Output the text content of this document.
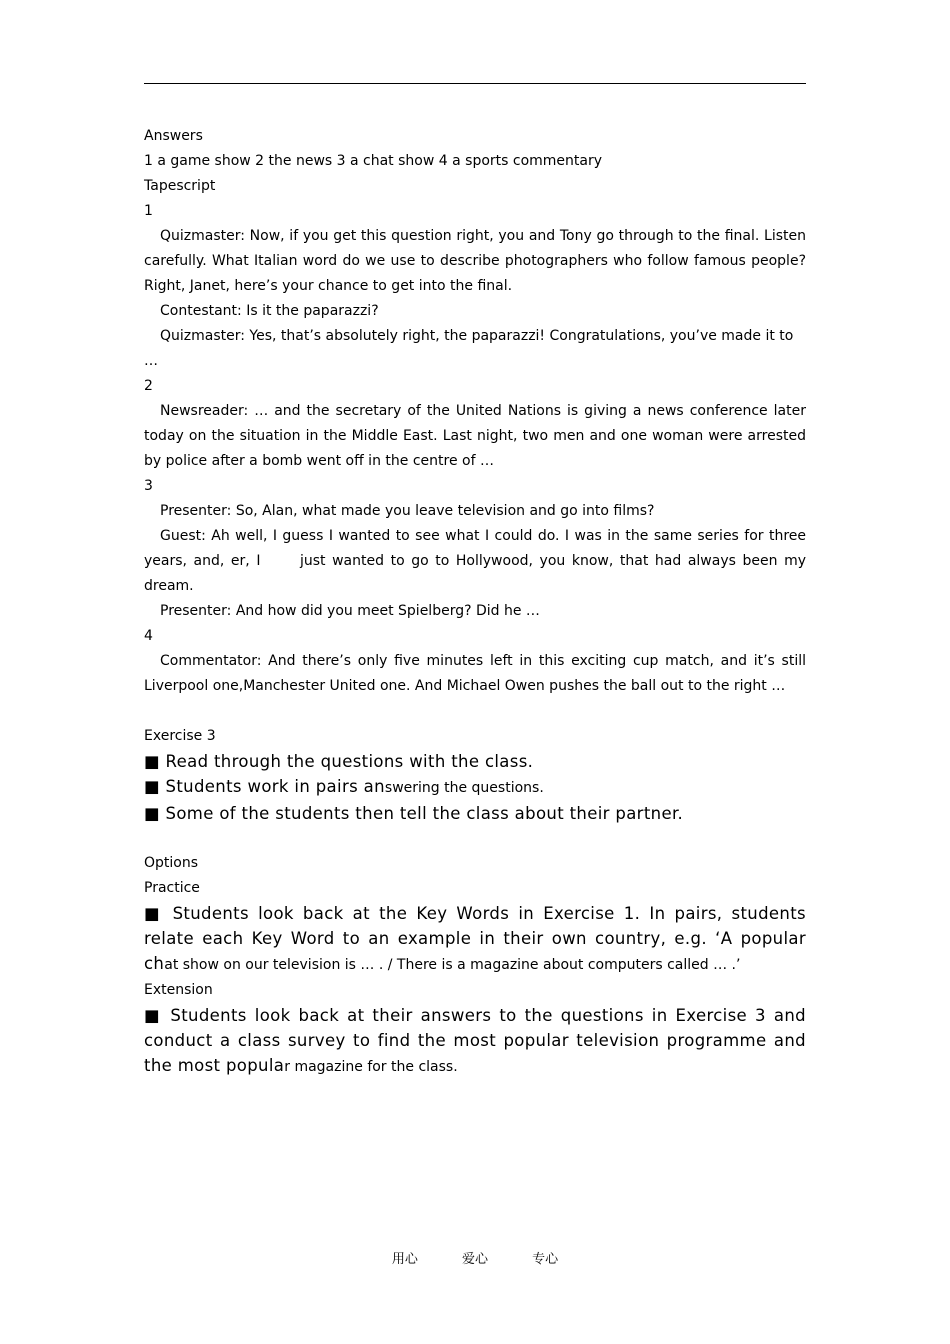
Answers
1 a game show 2 the news 3 a chat show 4 a sports commentary
Tapescript
1
Quizmaster: Now, if you get this question right, you and Tony go through to the final. Listen carefully. What Italian word do we use to describe photographers who follow famous people? Right, Janet, here’s your chance to get into the final.
Contestant: Is it the paparazzi?
Quizmaster: Yes, that’s absolutely right, the paparazzi! Congratulations, you’ve made it to …
2
Newsreader: … and the secretary of the United Nations is giving a news conference later today on the situation in the Middle East. Last night, two men and one woman were arrested by police after a bomb went off in the centre of …
3
Presenter: So, Alan, what made you leave television and go into films?
Guest: Ah well, I guess I wanted to see what I could do. I was in the same series for three years, and, er, I      just wanted to go to Hollywood, you know, that had always been my dream.
Presenter: And how did you meet Spielberg? Did he …
4
Commentator: And there’s only five minutes left in this exciting cup match, and it’s still Liverpool one,Manchester United one. And Michael Owen pushes the ball out to the right …
Exercise 3
■ Read through the questions with the class.
■ Students work in pairs answering the questions.
■ Some of the students then tell the class about their partner.
Options
Practice
■ Students look back at the Key Words in Exercise 1. In pairs, students relate each Key Word to an example in their own country, e.g. ‘A popular chat show on our television is … . / There is a magazine about computers called … .’
Extension
■ Students look back at their answers to the questions in Exercise 3 and conduct a class survey to find the most popular television programme and the most popular magazine for the class.
用心	爱心	专心
